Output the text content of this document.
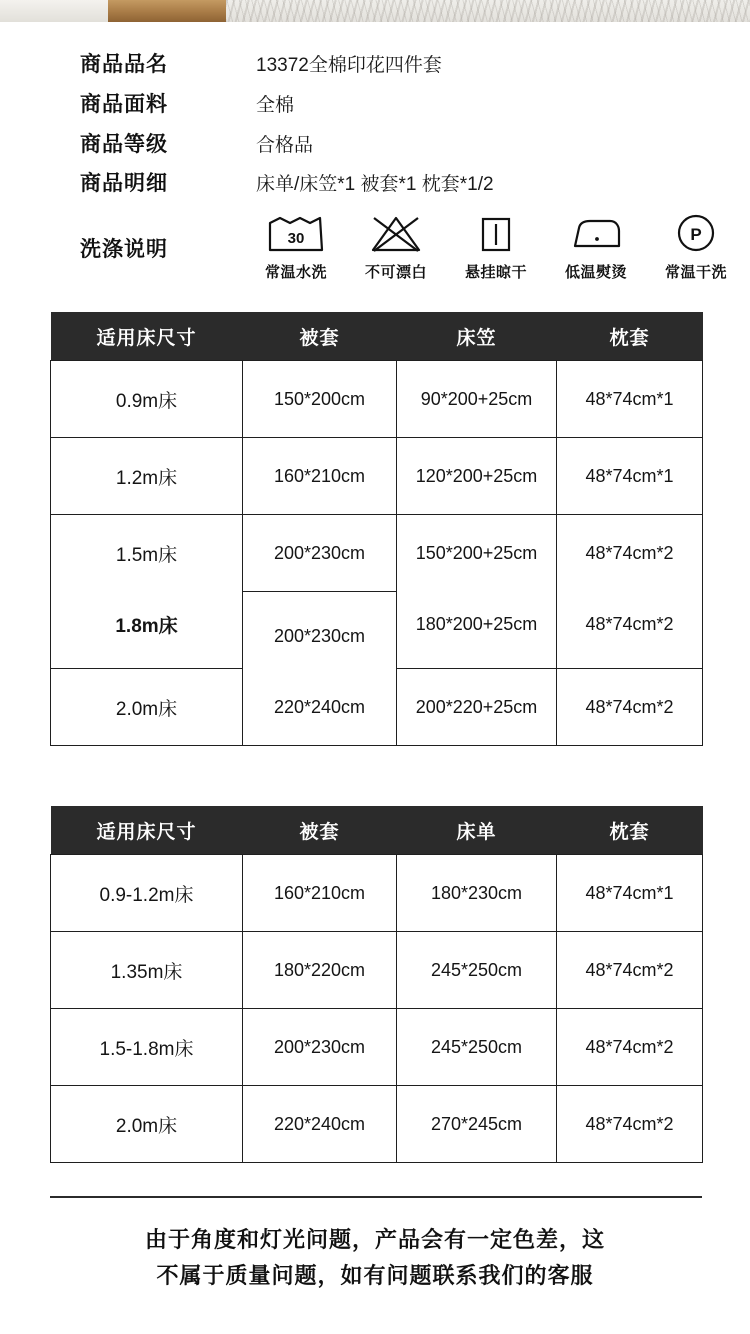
商品品名	13372全棉印花四件套
商品面料	全棉
商品等级	合格品
商品明细	床单/床笠*1 被套*1 枕套*1/2
洗涤说明	30
常温水洗	不可漂白	悬挂晾干	低温熨烫
P
常温干洗
适用床尺寸	被套	床笠	枕套
0.9m床	150*200cm	90*200+25cm	48*74cm*1
1.2m床	160*210cm	120*200+25cm	48*74cm*1
1.5m床	200*230cm	150*200+25cm	48*74cm*2
1.8m床	200*230cm	180*200+25cm	48*74cm*2
2.0m床	220*240cm	200*220+25cm	48*74cm*2
适用床尺寸	被套	床单	枕套
0.9-1.2m床	160*210cm	180*230cm	48*74cm*1
1.35m床	180*220cm	245*250cm	48*74cm*2
1.5-1.8m床	200*230cm	245*250cm	48*74cm*2
2.0m床	220*240cm	270*245cm	48*74cm*2
由于角度和灯光问题，产品会有一定色差，这
不属于质量问题，如有问题联系我们的客服
